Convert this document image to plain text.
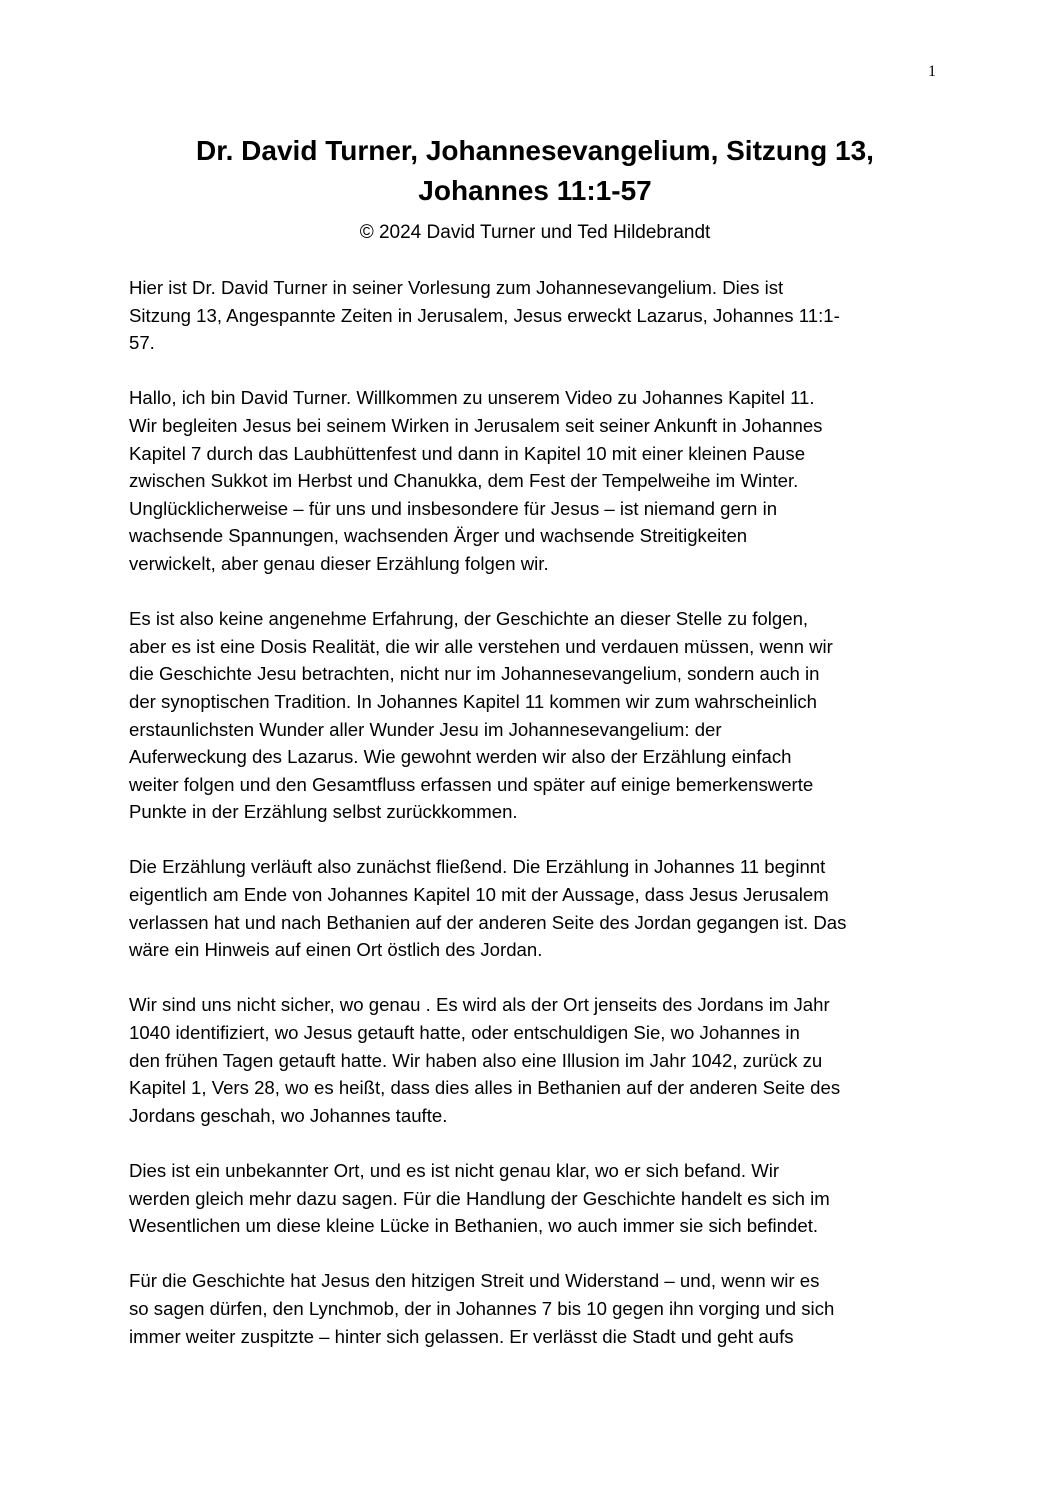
1
Dr. David Turner, Johannesevangelium, Sitzung 13,
Johannes 11:1-57
© 2024 David Turner und Ted Hildebrandt

Hier ist Dr. David Turner in seiner Vorlesung zum Johannesevangelium. Dies ist
Sitzung 13, Angespannte Zeiten in Jerusalem, Jesus erweckt Lazarus, Johannes 11:1-
57.

Hallo, ich bin David Turner. Willkommen zu unserem Video zu Johannes Kapitel 11.
Wir begleiten Jesus bei seinem Wirken in Jerusalem seit seiner Ankunft in Johannes
Kapitel 7 durch das Laubhüttenfest und dann in Kapitel 10 mit einer kleinen Pause
zwischen Sukkot im Herbst und Chanukka, dem Fest der Tempelweihe im Winter.
Unglücklicherweise – für uns und insbesondere für Jesus – ist niemand gern in
wachsende Spannungen, wachsenden Ärger und wachsende Streitigkeiten
verwickelt, aber genau dieser Erzählung folgen wir.

Es ist also keine angenehme Erfahrung, der Geschichte an dieser Stelle zu folgen,
aber es ist eine Dosis Realität, die wir alle verstehen und verdauen müssen, wenn wir
die Geschichte Jesu betrachten, nicht nur im Johannesevangelium, sondern auch in
der synoptischen Tradition. In Johannes Kapitel 11 kommen wir zum wahrscheinlich
erstaunlichsten Wunder aller Wunder Jesu im Johannesevangelium: der
Auferweckung des Lazarus. Wie gewohnt werden wir also der Erzählung einfach
weiter folgen und den Gesamtfluss erfassen und später auf einige bemerkenswerte
Punkte in der Erzählung selbst zurückkommen.

Die Erzählung verläuft also zunächst fließend. Die Erzählung in Johannes 11 beginnt
eigentlich am Ende von Johannes Kapitel 10 mit der Aussage, dass Jesus Jerusalem
verlassen hat und nach Bethanien auf der anderen Seite des Jordan gegangen ist. Das
wäre ein Hinweis auf einen Ort östlich des Jordan.

Wir sind uns nicht sicher, wo genau . Es wird als der Ort jenseits des Jordans im Jahr
1040 identifiziert, wo Jesus getauft hatte, oder entschuldigen Sie, wo Johannes in
den frühen Tagen getauft hatte. Wir haben also eine Illusion im Jahr 1042, zurück zu
Kapitel 1, Vers 28, wo es heißt, dass dies alles in Bethanien auf der anderen Seite des
Jordans geschah, wo Johannes taufte.

Dies ist ein unbekannter Ort, und es ist nicht genau klar, wo er sich befand. Wir
werden gleich mehr dazu sagen. Für die Handlung der Geschichte handelt es sich im
Wesentlichen um diese kleine Lücke in Bethanien, wo auch immer sie sich befindet.

Für die Geschichte hat Jesus den hitzigen Streit und Widerstand – und, wenn wir es
so sagen dürfen, den Lynchmob, der in Johannes 7 bis 10 gegen ihn vorging und sich
immer weiter zuspitzte – hinter sich gelassen. Er verlässt die Stadt und geht aufs
